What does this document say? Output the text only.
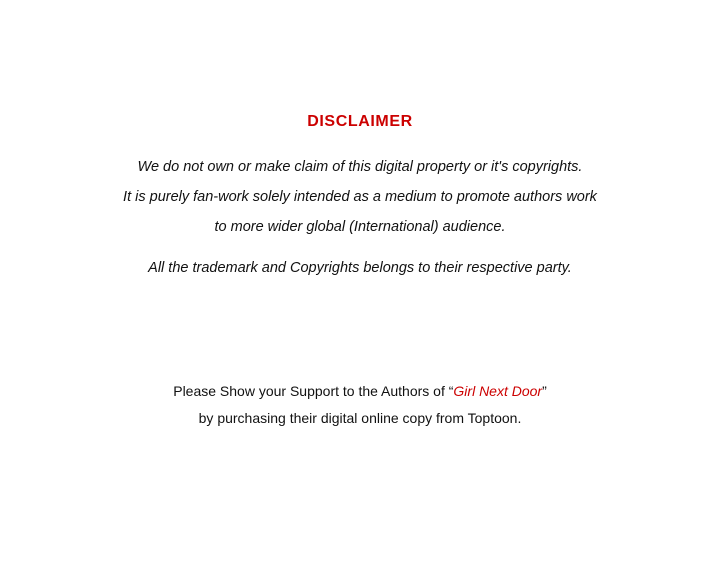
DISCLAIMER
We do not own or make claim of this digital property or it's copyrights.
It is purely fan-work solely intended as a medium to promote authors work
to more wider global (International) audience.
All the trademark and Copyrights belongs to their respective party.
Please Show your Support to the Authors of “Girl Next Door”
by purchasing their digital online copy from Toptoon.
